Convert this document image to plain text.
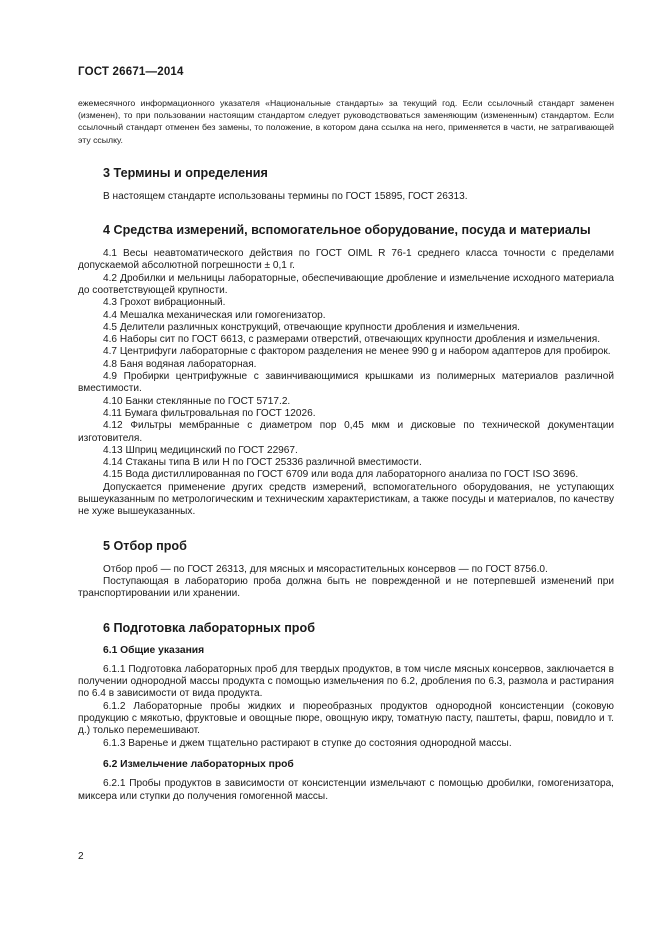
ГОСТ 26671—2014

ежемесячного информационного указателя «Национальные стандарты» за текущий год. Если ссылочный стандарт заменен (изменен), то при пользовании настоящим стандартом следует руководствоваться заменяющим (измененным) стандартом. Если ссылочный стандарт отменен без замены, то положение, в котором дана ссылка на него, применяется в части, не затрагивающей эту ссылку.

3 Термины и определения

В настоящем стандарте использованы термины по ГОСТ 15895, ГОСТ 26313.

4 Средства измерений, вспомогательное оборудование, посуда и материалы

4.1 Весы неавтоматического действия по ГОСТ OIML R 76-1 среднего класса точности с пределами допускаемой абсолютной погрешности ± 0,1 г.

4.2 Дробилки и мельницы лабораторные, обеспечивающие дробление и измельчение исходного материала до соответствующей крупности.

4.3 Грохот вибрационный.

4.4 Мешалка механическая или гомогенизатор.

4.5 Делители различных конструкций, отвечающие крупности дробления и измельчения.

4.6 Наборы сит по ГОСТ 6613, с размерами отверстий, отвечающих крупности дробления и измельчения.

4.7 Центрифуги лабораторные с фактором разделения не менее 990 g и набором адаптеров для пробирок.

4.8 Баня водяная лабораторная.

4.9 Пробирки центрифужные с завинчивающимися крышками из полимерных материалов различной вместимости.

4.10 Банки стеклянные по ГОСТ 5717.2.

4.11 Бумага фильтровальная по ГОСТ 12026.

4.12 Фильтры мембранные с диаметром пор 0,45 мкм и дисковые по технической документации изготовителя.

4.13 Шприц медицинский по ГОСТ 22967.

4.14 Стаканы типа В или Н по ГОСТ 25336 различной вместимости.

4.15 Вода дистиллированная по ГОСТ 6709 или вода для лабораторного анализа по ГОСТ ISO 3696.

Допускается применение других средств измерений, вспомогательного оборудования, не уступающих вышеуказанным по метрологическим и техническим характеристикам, а также посуды и материалов, по качеству не хуже вышеуказанных.

5 Отбор проб

Отбор проб — по ГОСТ 26313, для мясных и мясорастительных консервов — по ГОСТ 8756.0.

Поступающая в лабораторию проба должна быть не поврежденной и не потерпевшей изменений при транспортировании или хранении.

6 Подготовка лабораторных проб
6.1 Общие указания

6.1.1 Подготовка лабораторных проб для твердых продуктов, в том числе мясных консервов, заключается в получении однородной массы продукта с помощью измельчения по 6.2, дробления по 6.3, размола и растирания по 6.4 в зависимости от вида продукта.

6.1.2 Лабораторные пробы жидких и пюреобразных продуктов однородной консистенции (соковую продукцию с мякотью, фруктовые и овощные пюре, овощную икру, томатную пасту, паштеты, фарш, повидло и т. д.) только перемешивают.

6.1.3 Варенье и джем тщательно растирают в ступке до состояния однородной массы.

6.2 Измельчение лабораторных проб

6.2.1 Пробы продуктов в зависимости от консистенции измельчают с помощью дробилки, гомогенизатора, миксера или ступки до получения гомогенной массы.

2
